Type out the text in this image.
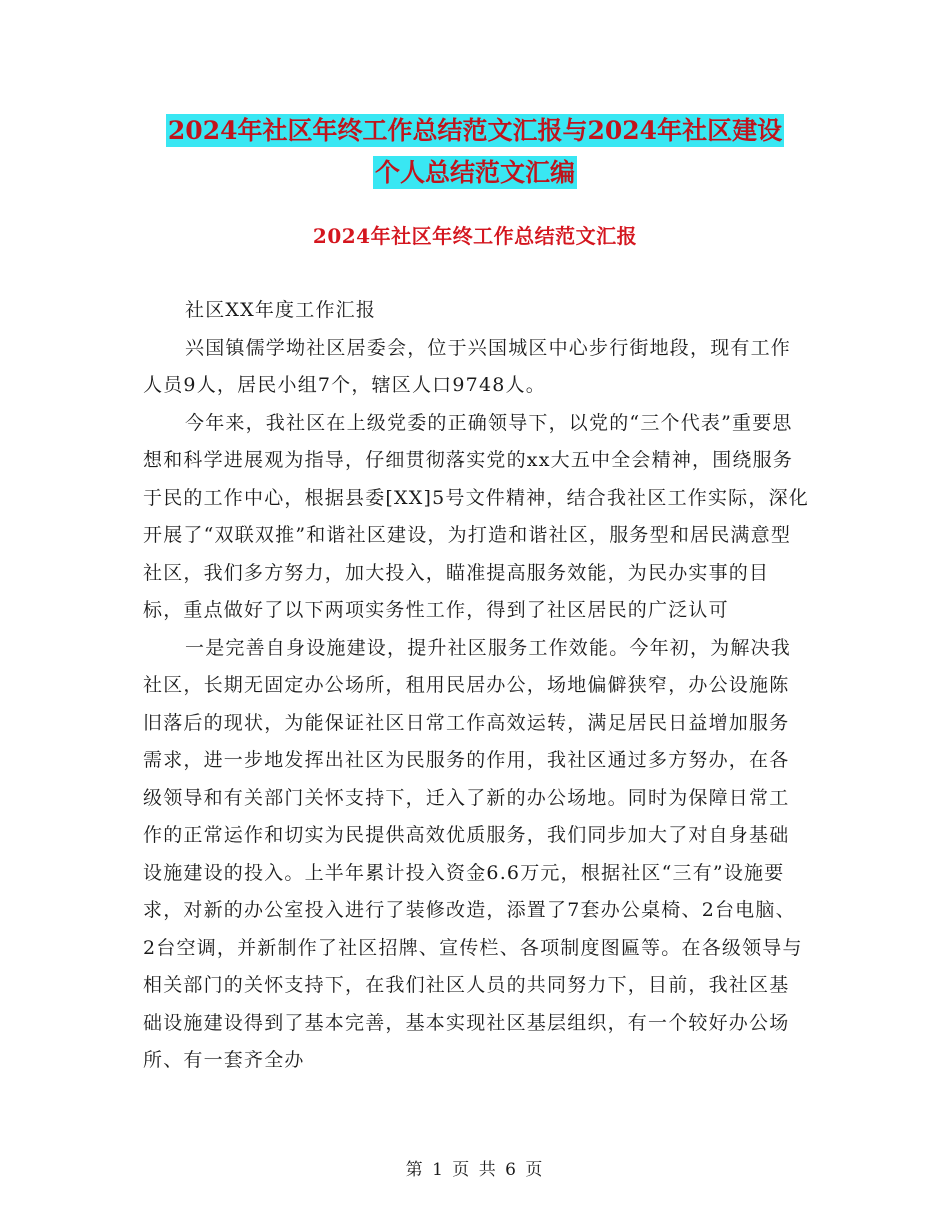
2024年社区年终工作总结范文汇报与2024年社区建设
个人总结范文汇编
2024年社区年终工作总结范文汇报

社区XX年度工作汇报

兴国镇儒学坳社区居委会，位于兴国城区中心步行街地段，现有工作人员9人，居民小组7个，辖区人口9748人。

今年来，我社区在上级党委的正确领导下，以党的“三个代表”重要思想和科学进展观为指导，仔细贯彻落实党的xx大五中全会精神，围绕服务于民的工作中心，根据县委[XX]5号文件精神，结合我社区工作实际，深化开展了“双联双推”和谐社区建设，为打造和谐社区，服务型和居民满意型社区，我们多方努力，加大投入，瞄准提高服务效能，为民办实事的目标，重点做好了以下两项实务性工作，得到了社区居民的广泛认可

一是完善自身设施建设，提升社区服务工作效能。今年初，为解决我社区，长期无固定办公场所，租用民居办公，场地偏僻狭窄，办公设施陈旧落后的现状，为能保证社区日常工作高效运转，满足居民日益增加服务需求，进一步地发挥出社区为民服务的作用，我社区通过多方努办，在各级领导和有关部门关怀支持下，迁入了新的办公场地。同时为保障日常工作的正常运作和切实为民提供高效优质服务，我们同步加大了对自身基础设施建设的投入。上半年累计投入资金6.6万元，根据社区“三有”设施要求，对新的办公室投入进行了装修改造，添置了7套办公桌椅、2台电脑、2台空调，并新制作了社区招牌、宣传栏、各项制度图匾等。在各级领导与相关部门的关怀支持下，在我们社区人员的共同努力下，目前，我社区基础设施建设得到了基本完善，基本实现社区基层组织，有一个较好办公场所、有一套齐全办

第 1 页 共 6 页
